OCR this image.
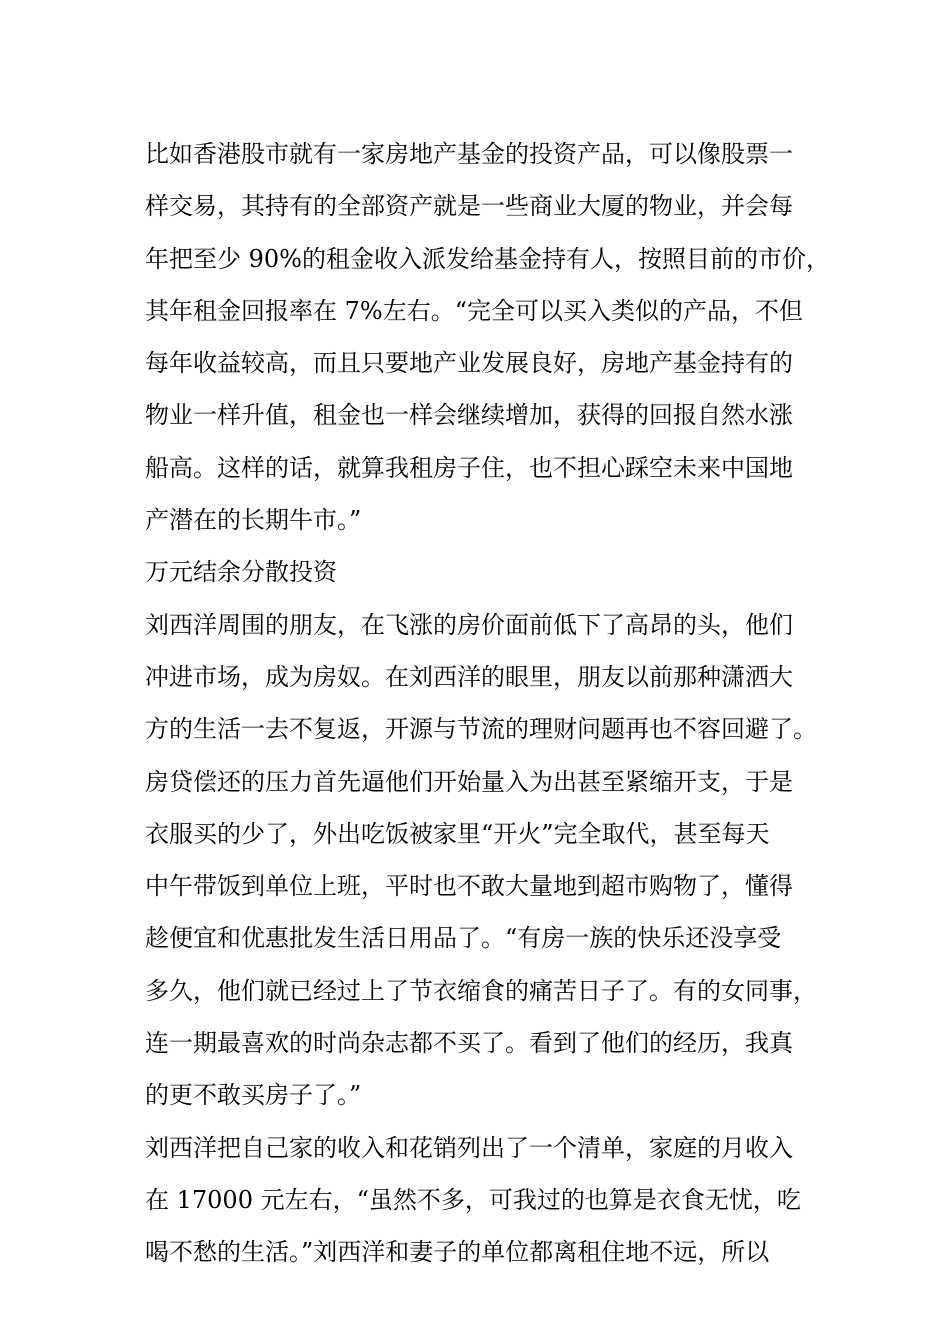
比如香港股市就有一家房地产基金的投资产品，可以像股票一
样交易，其持有的全部资产就是一些商业大厦的物业，并会每
年把至少 90%的租金收入派发给基金持有人，按照目前的市价，
其年租金回报率在 7%左右。“完全可以买入类似的产品，不但
每年收益较高，而且只要地产业发展良好，房地产基金持有的
物业一样升值，租金也一样会继续增加，获得的回报自然水涨
船高。这样的话，就算我租房子住，也不担心踩空未来中国地
产潜在的长期牛市。”
万元结余分散投资
刘西洋周围的朋友，在飞涨的房价面前低下了高昂的头，他们
冲进市场，成为房奴。在刘西洋的眼里，朋友以前那种潇洒大
方的生活一去不复返，开源与节流的理财问题再也不容回避了。
房贷偿还的压力首先逼他们开始量入为出甚至紧缩开支，于是
衣服买的少了，外出吃饭被家里“开火”完全取代，甚至每天
中午带饭到单位上班，平时也不敢大量地到超市购物了，懂得
趁便宜和优惠批发生活日用品了。“有房一族的快乐还没享受
多久，他们就已经过上了节衣缩食的痛苦日子了。有的女同事，
连一期最喜欢的时尚杂志都不买了。看到了他们的经历，我真
的更不敢买房子了。”
刘西洋把自己家的收入和花销列出了一个清单，家庭的月收入
在 17000 元左右，“虽然不多，可我过的也算是衣食无忧，吃
喝不愁的生活。”刘西洋和妻子的单位都离租住地不远，所以
